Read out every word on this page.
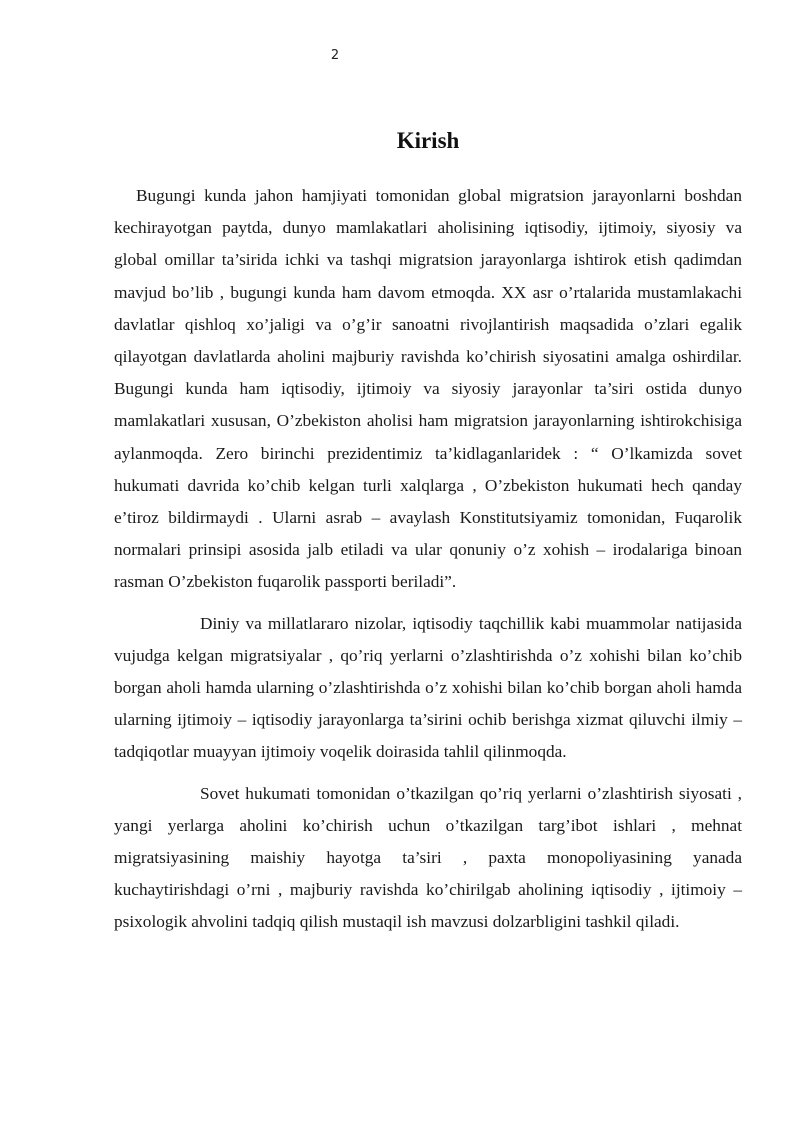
2
Kirish

Bugungi kunda jahon hamjiyati tomonidan global migratsion jarayonlarni boshdan kechirayotgan paytda, dunyo mamlakatlari aholisining iqtisodiy, ijtimoiy, siyosiy va global omillar ta’sirida ichki va tashqi migratsion jarayonlarga ishtirok etish qadimdan mavjud bo’lib , bugungi kunda ham davom etmoqda. XX asr o’rtalarida mustamlakachi davlatlar qishloq xo’jaligi va o’g’ir sanoatni rivojlantirish maqsadida o’zlari egalik qilayotgan davlatlarda aholini majburiy ravishda ko’chirish siyosatini amalga oshirdilar. Bugungi kunda ham iqtisodiy, ijtimoiy va siyosiy jarayonlar ta’siri ostida dunyo mamlakatlari xususan, O’zbekiston aholisi ham migratsion jarayonlarning ishtirokchisiga aylanmoqda. Zero birinchi prezidentimiz ta’kidlaganlaridek : “ O’lkamizda sovet hukumati davrida ko’chib kelgan turli xalqlarga , O’zbekiston hukumati hech qanday e’tiroz bildirmaydi . Ularni asrab – avaylash Konstitutsiyamiz tomonidan, Fuqarolik normalari prinsipi asosida jalb etiladi va ular qonuniy o’z xohish – irodalariga binoan rasman O’zbekiston fuqarolik passporti beriladi”.

Diniy va millatlararo nizolar, iqtisodiy taqchillik kabi muammolar natijasida vujudga kelgan migratsiyalar , qo’riq yerlarni o’zlashtirishda o’z xohishi bilan ko’chib borgan aholi hamda ularning o’zlashtirishda o’z xohishi bilan ko’chib borgan aholi hamda ularning ijtimoiy – iqtisodiy jarayonlarga ta’sirini ochib berishga xizmat qiluvchi ilmiy – tadqiqotlar muayyan ijtimoiy voqelik doirasida tahlil qilinmoqda.

Sovet hukumati tomonidan o’tkazilgan qo’riq yerlarni o’zlashtirish siyosati , yangi yerlarga aholini ko’chirish uchun o’tkazilgan targ’ibot ishlari , mehnat migratsiyasining maishiy hayotga ta’siri , paxta monopoliyasining yanada kuchaytirishdagi o’rni , majburiy ravishda ko’chirilgab aholining iqtisodiy , ijtimoiy – psixologik ahvolini tadqiq qilish mustaqil ish mavzusi dolzarbligini tashkil qiladi.
